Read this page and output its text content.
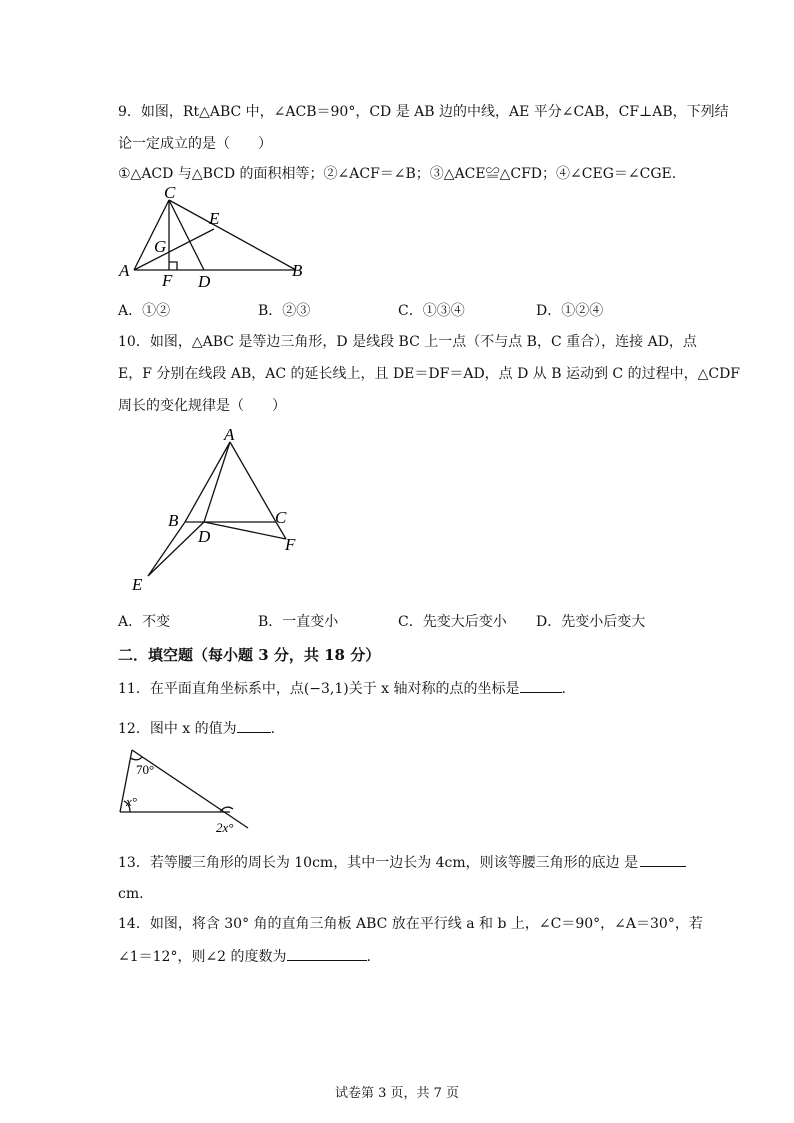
9．如图，Rt△ABC 中，∠ACB＝90°，CD 是 AB 边的中线，AE 平分∠CAB，CF⊥AB，下列结
论一定成立的是（　　）
①△ACD 与△BCD 的面积相等；②∠ACF＝∠B；③△ACE≌△CFD；④∠CEG＝∠CGE.
C
E
G
A
F D
B
A．①②	B．②③	C．①③④	D．①②④
10．如图，△ABC 是等边三角形，D 是线段 BC 上一点（不与点 B，C 重合），连接 AD，点
E，F 分别在线段 AB，AC 的延长线上，且 DE＝DF＝AD，点 D 从 B 运动到 C 的过程中，△CDF
周长的变化规律是（　　）
A
B	C
D	F
E
A．不变	B．一直变小	C．先变大后变小 D．先变小后变大
二．填空题（每小题 3 分，共 18 分）
11．在平面直角坐标系中，点(−3,1)关于 x 轴对称的点的坐标是	.
12．图中 x 的值为 .
70°
x°
2x°
13．若等腰三角形的周长为 10cm，其中一边长为 4cm，则该等腰三角形的底边 是
cm.
14．如图，将含 30° 角的直角三角板 ABC 放在平行线 a 和 b 上，∠C＝90°，∠A＝30°，若
∠1＝12°，则∠2 的度数为	.
试卷第 3 页，共 7 页
